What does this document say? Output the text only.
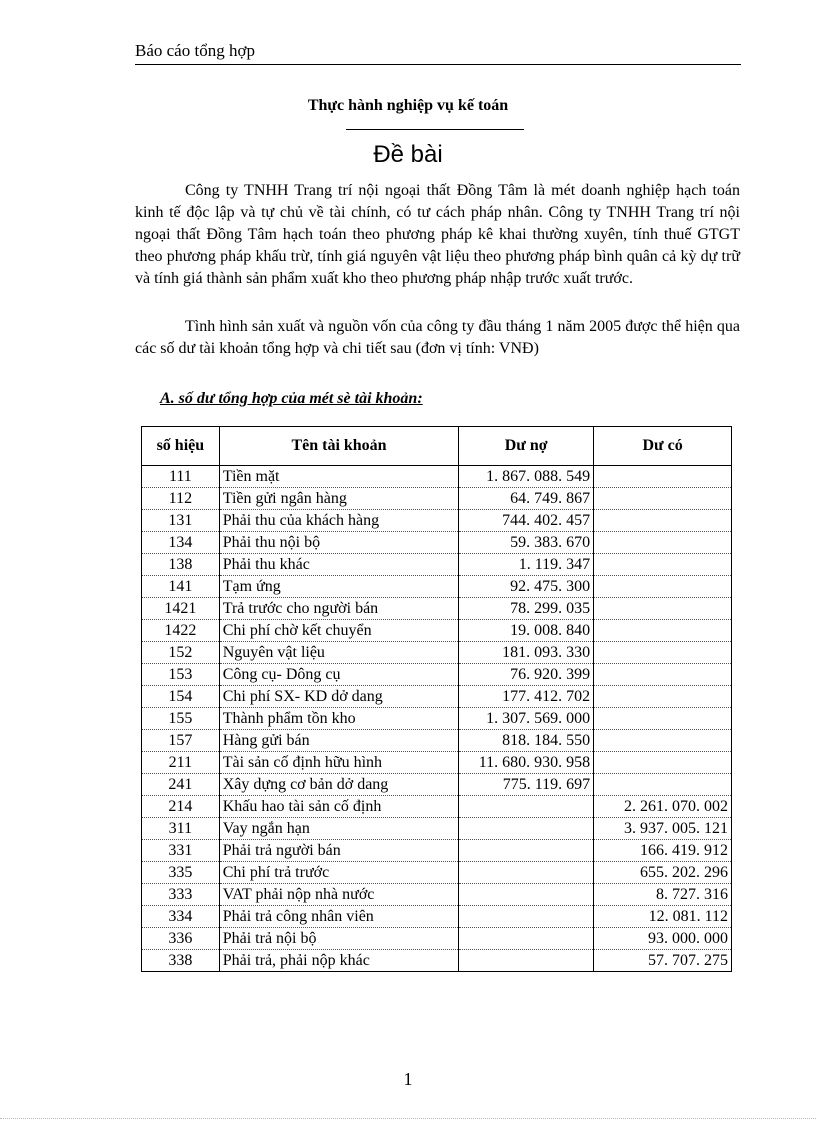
Báo cáo tổng hợp
Thực hành nghiệp vụ kế toán
Đề bài

Công ty TNHH Trang trí nội ngoại thất Đồng Tâm là mét doanh nghiệp hạch toán kinh tế độc lập và tự chủ về tài chính, có tư cách pháp nhân. Công ty TNHH Trang trí nội ngoại thất Đồng Tâm hạch toán theo phương pháp kê khai thường xuyên, tính thuế GTGT theo phương pháp khấu trừ, tính giá nguyên vật liệu theo phương pháp bình quân cả kỳ dự trữ và tính giá thành sản phẩm xuất kho theo phương pháp nhập trước xuất trước.

Tình hình sản xuất và nguồn vốn của công ty đầu tháng 1 năm 2005 được thể hiện qua các số dư tài khoản tổng hợp và chi tiết sau (đơn vị tính: VNĐ)

A. số dư tổng hợp của mét sè tài khoản:
số hiệu	Tên tài khoản	Dư nợ	Dư có
111	Tiền mặt	1. 867. 088. 549	
112	Tiền gửi ngân hàng	64. 749. 867	
131	Phải thu của khách hàng	744. 402. 457	
134	Phải thu nội bộ	59. 383. 670	
138	Phải thu khác	1. 119. 347	
141	Tạm ứng	92. 475. 300	
1421	Trả trước cho người bán	78. 299. 035	
1422	Chi phí chờ kết chuyển	19. 008. 840	
152	Nguyên vật liệu	181. 093. 330	
153	Công cụ- Dông cụ	76. 920. 399	
154	Chi phí SX- KD dở dang	177. 412. 702	
155	Thành phẩm tồn kho	1. 307. 569. 000	
157	Hàng gửi bán	818. 184. 550	
211	Tài sản cố định hữu hình	11. 680. 930. 958	
241	Xây dựng cơ bản dở dang	775. 119. 697	
214	Khấu hao tài sản cố định		2. 261. 070. 002
311	Vay ngắn hạn		3. 937. 005. 121
331	Phải trả người bán		166. 419. 912
335	Chi phí trả trước		655. 202. 296
333	VAT phải nộp nhà nước		8. 727. 316
334	Phải trả công nhân viên		12. 081. 112
336	Phải trả nội bộ		93. 000. 000
338	Phải trả, phải nộp khác		57. 707. 275
1
